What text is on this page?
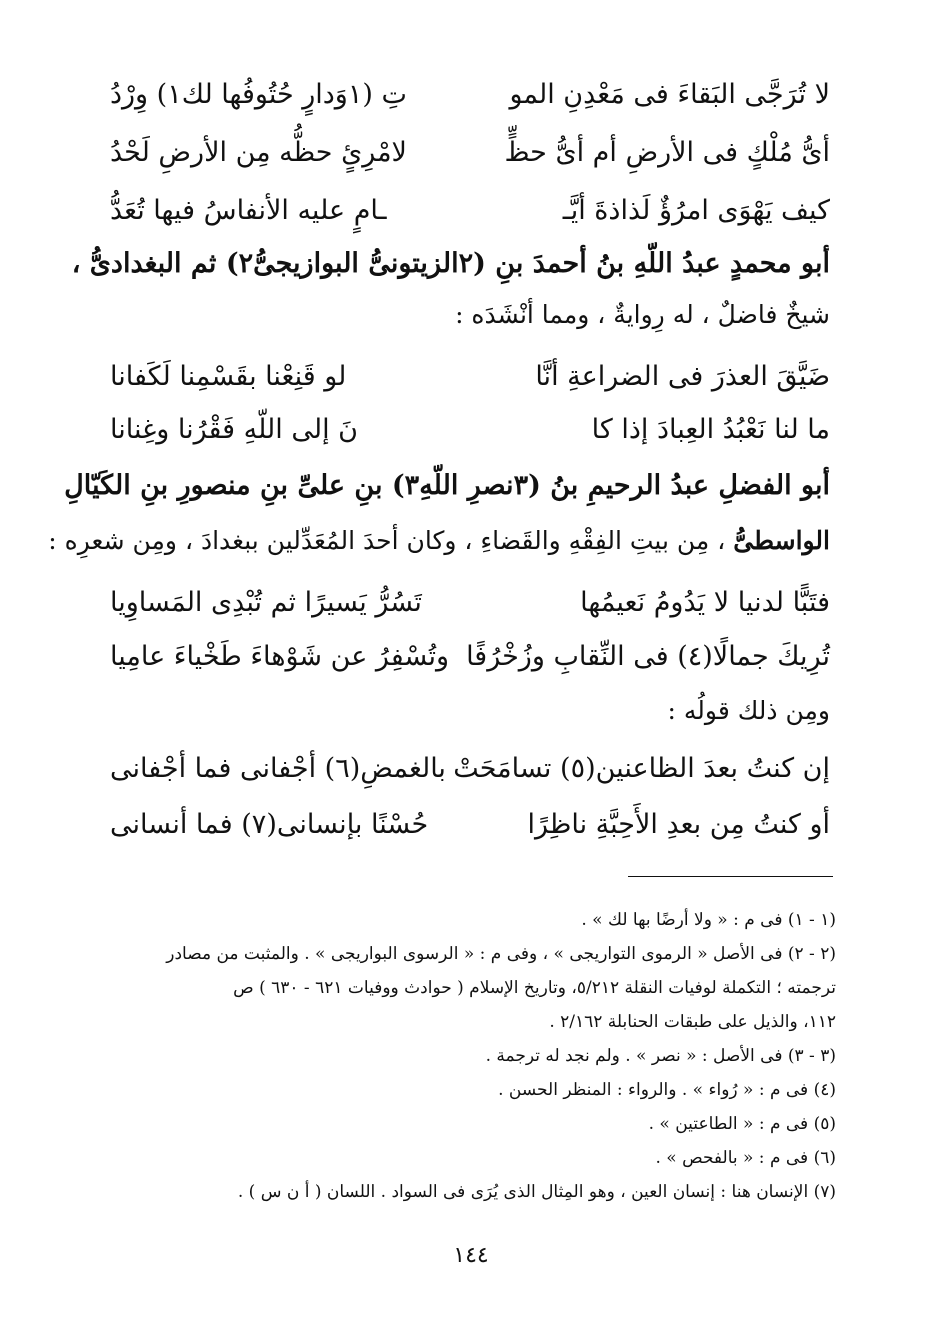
لا تُرَجَّى البَقاءَ فى مَعْدِنِ المو
تِ (١وَدارٍ حُتُوفُها لك١) وِرْدُ
أىُّ مُلْكٍ فى الأرضِ أم أىُّ حظٍّ
لامْرِئٍ حظُّه مِن الأرضِ لَحْدُ
كيف يَهْوَى امرُؤٌ لَذاذةَ أيَّـ
ـامٍ عليه الأنفاسُ فيها تُعَدُّ
أبو محمدٍ عبدُ اللّهِ بنُ أحمدَ بنِ (٢الزيتونىُّ البوازيجىُّ٢) ثم البغدادىُّ ،
شيخٌ فاضلٌ ، له رِوايةٌ ، ومما أنْشَدَه :
ضَيَّقَ العذرَ فى الضراعةِ أنَّا
لو قَنِعْنا بقَسْمِنا لَكَفانا
ما لنا نَعْبُدُ العِبادَ إذا كا
نَ إلى اللّهِ فَقْرُنا وغِنانا
أبو الفضلِ عبدُ الرحيمِ بنُ (٣نصرِ اللّهِ٣) بنِ علىِّ بنِ منصورِ بنِ الكَيّالِ
الواسطىُّ ، مِن بيتِ الفِقْهِ والقَضاءِ ، وكان أحدَ المُعَدِّلين ببغدادَ ، ومِن شعرِه :
فتَبًّا لدنيا لا يَدُومُ نَعيمُها
تَسُرُّ يَسيرًا ثم تُبْدِى المَساوِيا
تُرِيكَ جمالًا(٤) فى النِّقابِ وزُخْرُفًا
وتُسْفِرُ عن شَوْهاءَ طَخْياءَ عامِيا
ومِن ذلك قولُه :
إن كنتُ بعدَ الظاعنين(٥) تسامَحَتْ
بالغمضِ(٦) أجْفانى فما أجْفانى
أو كنتُ مِن بعدِ الأَحِبَّةِ ناظِرًا
حُسْنًا بإنسانى(٧) فما أنسانى
(١ - ١) فى م : « ولا أرضًا بها لك » .
(٢ - ٢) فى الأصل « الرموى التواريجى » ، وفى م : « الرسوى البواريجى » . والمثبت من مصادر
ترجمته ؛ التكملة لوفيات النقلة ٥/٢١٢، وتاريخ الإسلام ( حوادث ووفيات ٦٢١ - ٦٣٠ ) ص
١١٢، والذيل على طبقات الحنابلة ٢/١٦٢ .
(٣ - ٣) فى الأصل : « نصر » . ولم نجد له ترجمة .
(٤) فى م : « رُواء » . والرواء : المنظر الحسن .
(٥) فى م : « الطاعتين » .
(٦) فى م : « بالفحص » .
(٧) الإنسان هنا : إنسان العين ، وهو المِثال الذى يُرَى فى السواد . اللسان ( أ ن س ) .
١٤٤
